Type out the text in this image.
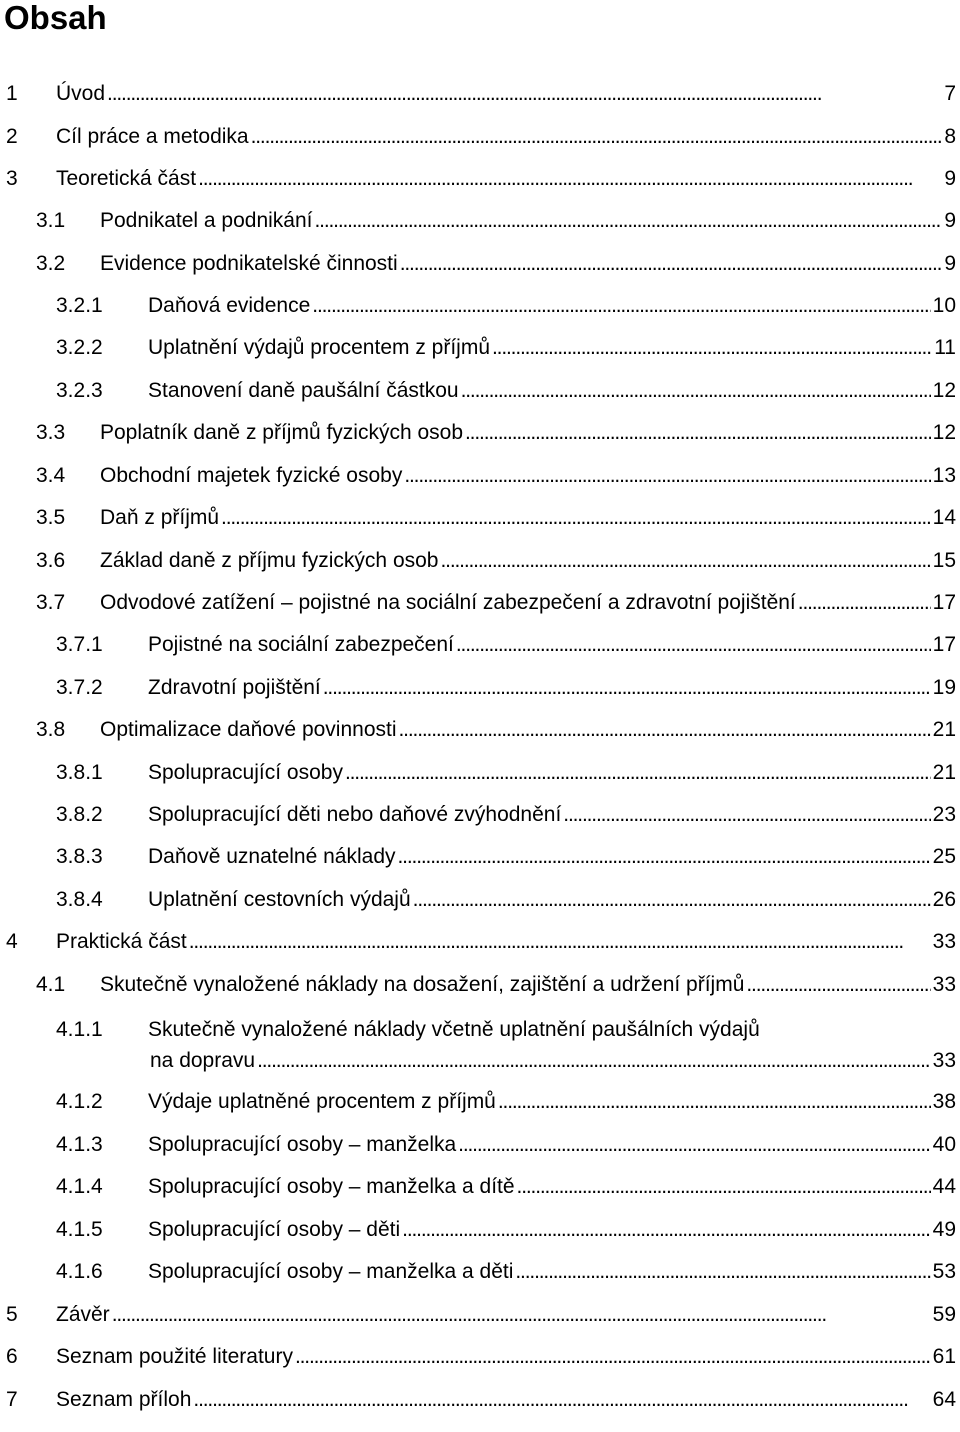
Obsah
1 Úvod . . .	7
2 Cíl práce a metodika . . .	8
3 Teoretická část . . .	9
3.1 Podnikatel a podnikání . . .	9
3.2 Evidence podnikatelské činnosti . . .	9
3.2.1 Daňová evidence . . .	10
3.2.2 Uplatnění výdajů procentem z příjmů . . .	11
3.2.3 Stanovení daně paušální částkou . . .	12
3.3 Poplatník daně z příjmů fyzických osob . . .	12
3.4 Obchodní majetek fyzické osoby . . .	13
3.5 Daň z příjmů . . .	14
3.6 Základ daně z příjmu fyzických osob . . .	15
3.7 Odvodové zatížení – pojistné na sociální zabezpečení a zdravotní pojištění . . .	17
3.7.1 Pojistné na sociální zabezpečení . . .	17
3.7.2 Zdravotní pojištění . . .	19
3.8 Optimalizace daňové povinnosti . . .	21
3.8.1 Spolupracující osoby . . .	21
3.8.2 Spolupracující děti nebo daňové zvýhodnění . . .	23
3.8.3 Daňově uznatelné náklady . . .	25
3.8.4 Uplatnění cestovních výdajů . . .	26
4 Praktická část . . .	33
4.1 Skutečně vynaložené náklady na dosažení, zajištění a udržení příjmů . . .	33
4.1.1 Skutečně vynaložené náklady včetně uplatnění paušálních výdajů
na dopravu . . .	33
4.1.2 Výdaje uplatněné procentem z příjmů . . .	38
4.1.3 Spolupracující osoby – manželka . . .	40
4.1.4 Spolupracující osoby – manželka a dítě . . .	44
4.1.5 Spolupracující osoby – děti . . .	49
4.1.6 Spolupracující osoby – manželka a děti . . .	53
5 Závěr . . .	59
6 Seznam použité literatury . . .	61
7 Seznam příloh . . .	64
